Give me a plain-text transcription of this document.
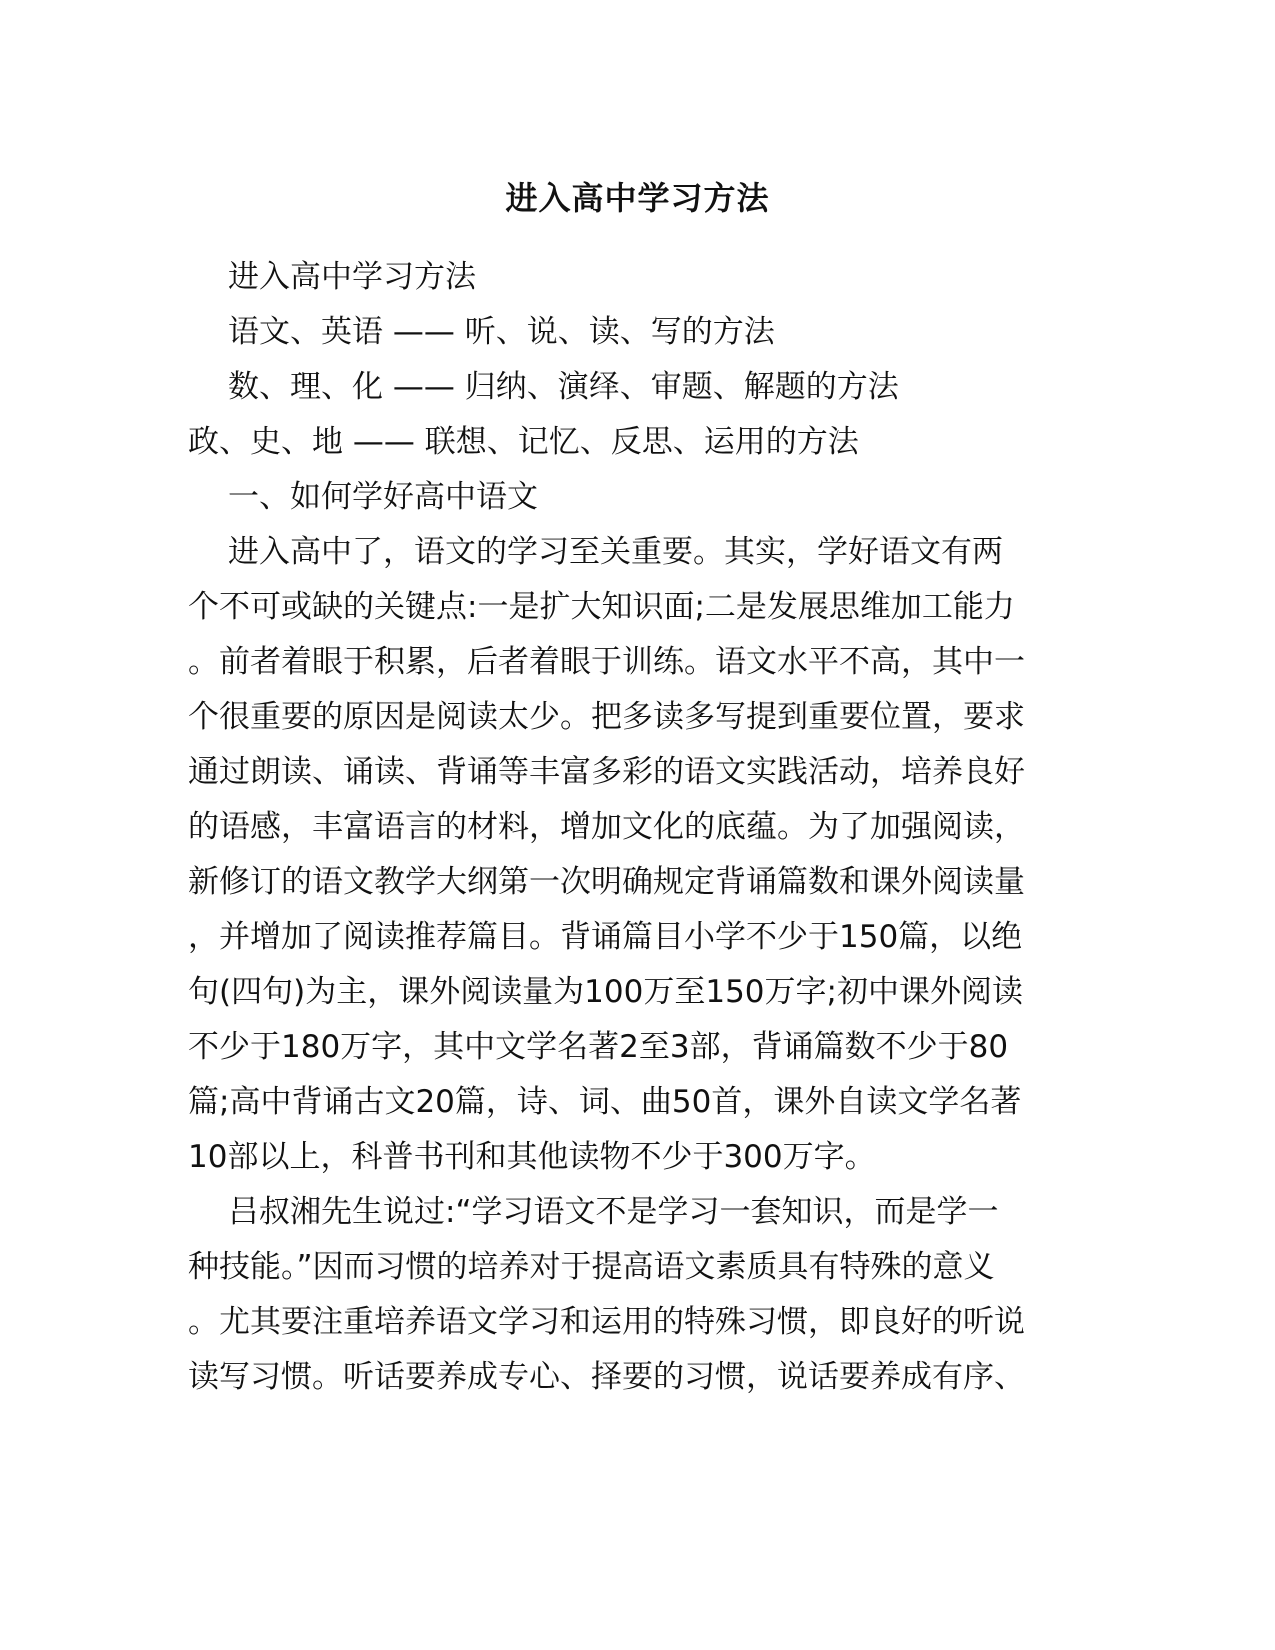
进入高中学习方法

进入高中学习方法

语文、英语 —— 听、说、读、写的方法

数、理、化 —— 归纳、演绎、审题、解题的方法

政、史、地 —— 联想、记忆、反思、运用的方法

一、如何学好高中语文

进入高中了，语文的学习至关重要。其实，学好语文有两

个不可或缺的关键点:一是扩大知识面;二是发展思维加工能力

。前者着眼于积累，后者着眼于训练。语文水平不高，其中一

个很重要的原因是阅读太少。把多读多写提到重要位置，要求

通过朗读、诵读、背诵等丰富多彩的语文实践活动，培养良好

的语感，丰富语言的材料，增加文化的底蕴。为了加强阅读，

新修订的语文教学大纲第一次明确规定背诵篇数和课外阅读量

，并增加了阅读推荐篇目。背诵篇目小学不少于150篇，以绝

句(四句)为主，课外阅读量为100万至150万字;初中课外阅读

不少于180万字，其中文学名著2至3部，背诵篇数不少于80

篇;高中背诵古文20篇，诗、词、曲50首，课外自读文学名著

10部以上，科普书刊和其他读物不少于300万字。

吕叔湘先生说过:“学习语文不是学习一套知识，而是学一

种技能。”因而习惯的培养对于提高语文素质具有特殊的意义

。尤其要注重培养语文学习和运用的特殊习惯，即良好的听说

读写习惯。听话要养成专心、择要的习惯，说话要养成有序、
